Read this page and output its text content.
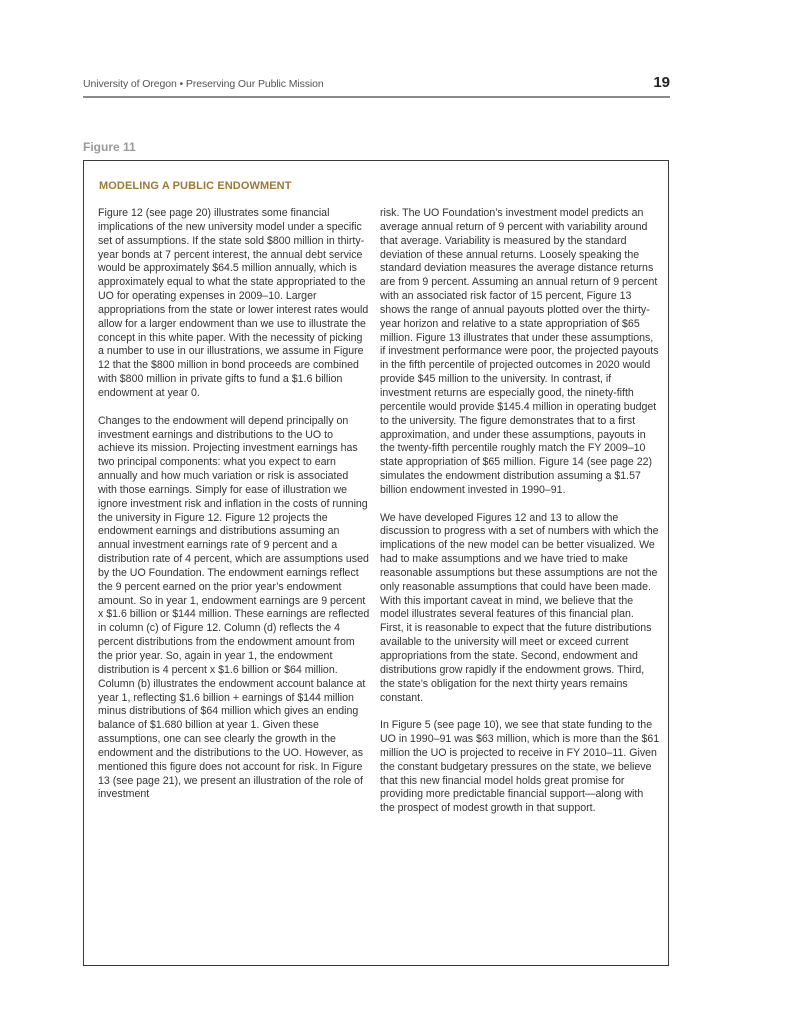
University of Oregon • Preserving Our Public Mission	19
Figure 11
MODELING A PUBLIC ENDOWMENT

Figure 12 (see page 20) illustrates some financial implications of the new university model under a specific set of assumptions. If the state sold $800 million in thirty-year bonds at 7 percent interest, the annual debt service would be approximately $64.5 million annually, which is approximately equal to what the state appropriated to the UO for operating expenses in 2009–10. Larger appropriations from the state or lower interest rates would allow for a larger endowment than we use to illustrate the concept in this white paper. With the necessity of picking a number to use in our illustrations, we assume in Figure 12 that the $800 million in bond proceeds are combined with $800 million in private gifts to fund a $1.6 billion endowment at year 0.

Changes to the endowment will depend principally on investment earnings and distributions to the UO to achieve its mission. Projecting investment earnings has two principal components: what you expect to earn annually and how much variation or risk is associated with those earnings. Simply for ease of illustration we ignore investment risk and inflation in the costs of running the university in Figure 12. Figure 12 projects the endowment earnings and distributions assuming an annual investment earnings rate of 9 percent and a distribution rate of 4 percent, which are assumptions used by the UO Foundation. The endowment earnings reflect the 9 percent earned on the prior year’s endowment amount. So in year 1, endowment earnings are 9 percent x $1.6 billion or $144 million. These earnings are reflected in column (c) of Figure 12. Column (d) reflects the 4 percent distributions from the endowment amount from the prior year. So, again in year 1, the endowment distribution is 4 percent x $1.6 billion or $64 million. Column (b) illustrates the endowment account balance at year 1, reflecting $1.6 billion + earnings of $144 million minus distributions of $64 million which gives an ending balance of $1.680 billion at year 1. Given these assumptions, one can see clearly the growth in the endowment and the distributions to the UO. However, as mentioned this figure does not account for risk. In Figure 13 (see page 21), we present an illustration of the role of investment

risk. The UO Foundation’s investment model predicts an average annual return of 9 percent with variability around that average. Variability is measured by the standard deviation of these annual returns. Loosely speaking the standard deviation measures the average distance returns are from 9 percent. Assuming an annual return of 9 percent with an associated risk factor of 15 percent, Figure 13 shows the range of annual payouts plotted over the thirty-year horizon and relative to a state appropriation of $65 million. Figure 13 illustrates that under these assumptions, if investment performance were poor, the projected payouts in the fifth percentile of projected outcomes in 2020 would provide $45 million to the university. In contrast, if investment returns are especially good, the ninety-fifth percentile would provide $145.4 million in operating budget to the university. The figure demonstrates that to a first approximation, and under these assumptions, payouts in the twenty-fifth percentile roughly match the FY 2009–10 state appropriation of $65 million. Figure 14 (see page 22) simulates the endowment distribution assuming a $1.57 billion endowment invested in 1990–91.

We have developed Figures 12 and 13 to allow the discussion to progress with a set of numbers with which the implications of the new model can be better visualized. We had to make assumptions and we have tried to make reasonable assumptions but these assumptions are not the only reasonable assumptions that could have been made. With this important caveat in mind, we believe that the model illustrates several features of this financial plan. First, it is reasonable to expect that the future distributions available to the university will meet or exceed current appropriations from the state. Second, endowment and distributions grow rapidly if the endowment grows. Third, the state’s obligation for the next thirty years remains constant.

In Figure 5 (see page 10), we see that state funding to the UO in 1990–91 was $63 million, which is more than the $61 million the UO is projected to receive in FY 2010–11. Given the constant budgetary pressures on the state, we believe that this new financial model holds great promise for providing more predictable financial support—along with the prospect of modest growth in that support.
